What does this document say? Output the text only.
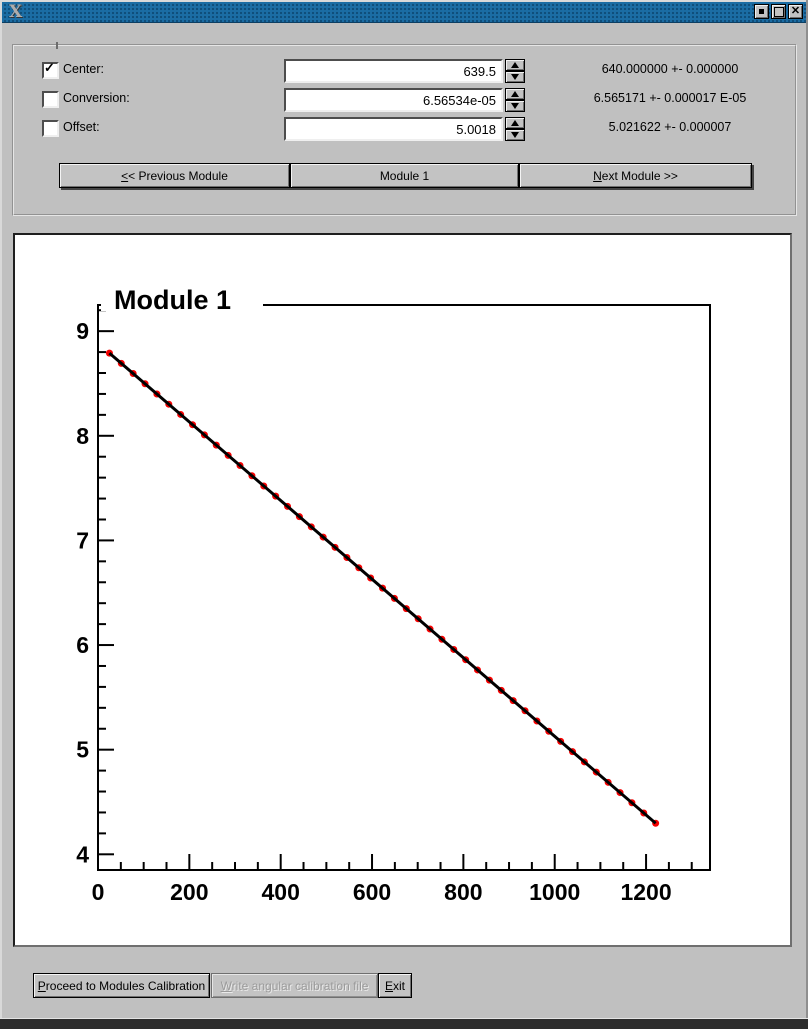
X	✕
✓ Center:
639.5	640.000000 +- 0.000000
Conversion:
6.56534e-05	6.565171 +- 0.000017 E-05
Offset:
5.0018	5.021622 +- 0.000007
<< Previous Module	Module 1	Next Module >>
0	200 400 600 800 1000 1200
4
5
6
7
8
9
Module 1
Proceed to Modules Calibration Write angular calibration file Exit
